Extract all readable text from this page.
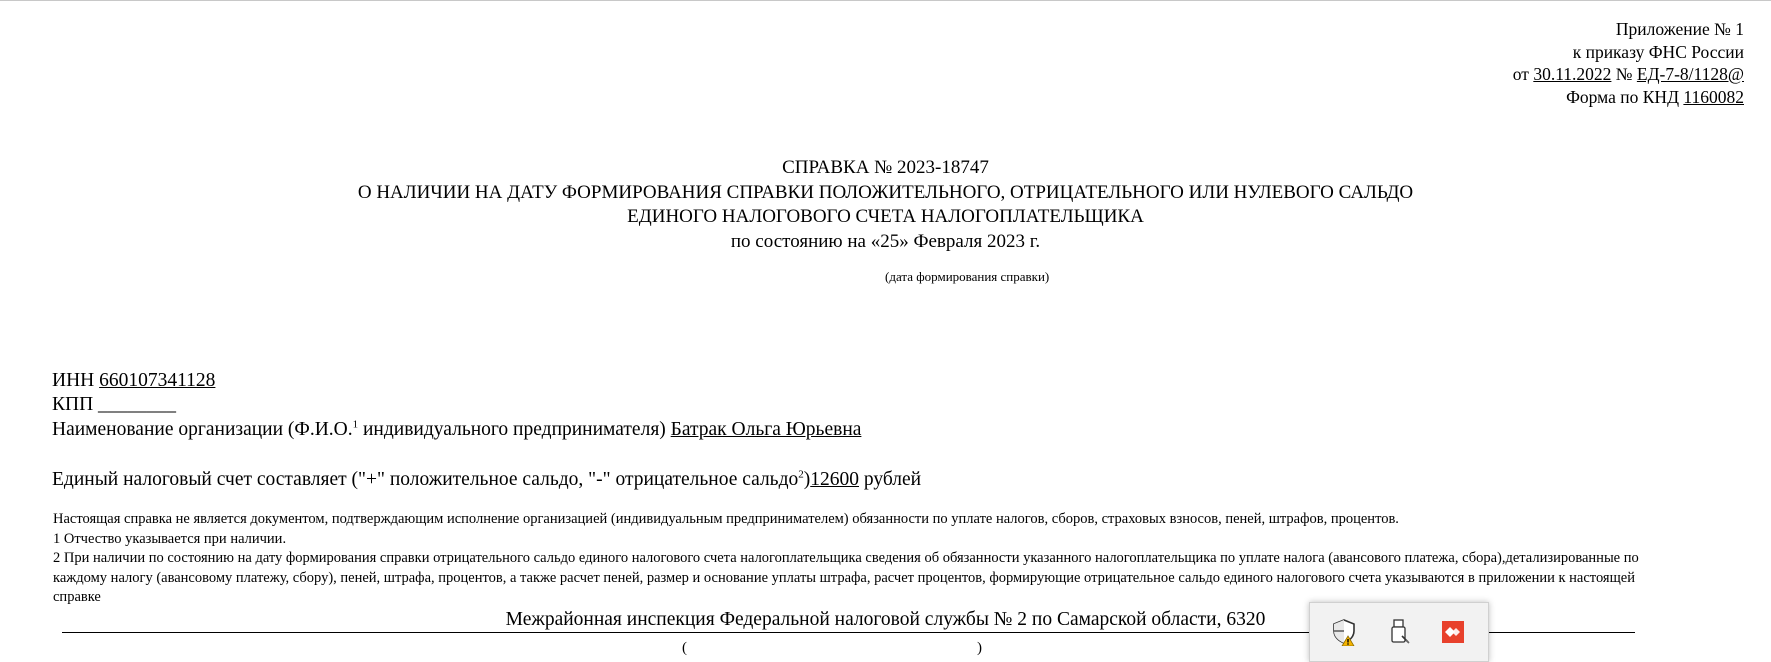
Приложение № 1
к приказу ФНС России
от 30.11.2022 № ЕД-7-8/1128@
Форма по КНД 1160082
СПРАВКА № 2023-18747
О НАЛИЧИИ НА ДАТУ ФОРМИРОВАНИЯ СПРАВКИ ПОЛОЖИТЕЛЬНОГО, ОТРИЦАТЕЛЬНОГО ИЛИ НУЛЕВОГО САЛЬДО
ЕДИНОГО НАЛОГОВОГО СЧЕТА НАЛОГОПЛАТЕЛЬЩИКА
по состоянию на «25» Февраля 2023 г.
(дата формирования справки)
ИНН 660107341128
КПП ________
Наименование организации (Ф.И.О.$^1$ индивидуального предпринимателя) Батрак Ольга Юрьевна
Единый налоговый счет составляет ("+" положительное сальдо, "-" отрицательное сальдо$^2$)12600 рублей

Настоящая справка не является документом, подтверждающим исполнение организацией (индивидуальным предпринимателем) обязанности по уплате налогов, сборов, страховых взносов, пеней, штрафов, процентов.

1 Отчество указывается при наличии.

2 При наличии по состоянию на дату формирования справки отрицательного сальдо единого налогового счета налогоплательщика сведения об обязанности указанного налогоплательщика по уплате налога (авансового платежа, сбора),детализированные по каждому налогу (авансовому платежу, сбору), пеней, штрафа, процентов, а также расчет пеней, размер и основание уплаты штрафа, расчет процентов, формирующие отрицательное сальдо единого налогового счета указываются в приложении к настоящей справке

Межрайонная инспекция Федеральной налоговой службы № 2 по Самарской области, 6320
(	)
